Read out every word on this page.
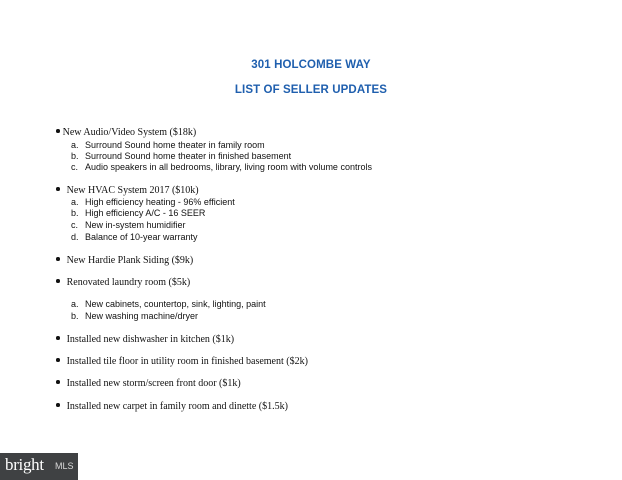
301 HOLCOMBE WAY
LIST OF SELLER UPDATES
New Audio/Video System ($18k)
a. Surround Sound home theater in family room
b. Surround Sound home theater in finished basement
c. Audio speakers in all bedrooms, library, living room with volume controls
New HVAC System 2017 ($10k)
a. High efficiency heating - 96% efficient
b. High efficiency A/C - 16 SEER
c. New in-system humidifier
d. Balance of 10-year warranty
New Hardie Plank Siding ($9k)
Renovated laundry room ($5k)
a. New cabinets, countertop, sink, lighting, paint
b. New washing machine/dryer
Installed new dishwasher in kitchen ($1k)
Installed tile floor in utility room in finished basement ($2k)
Installed new storm/screen front door ($1k)
Installed new carpet in family room and dinette ($1.5k)
bright MLS
